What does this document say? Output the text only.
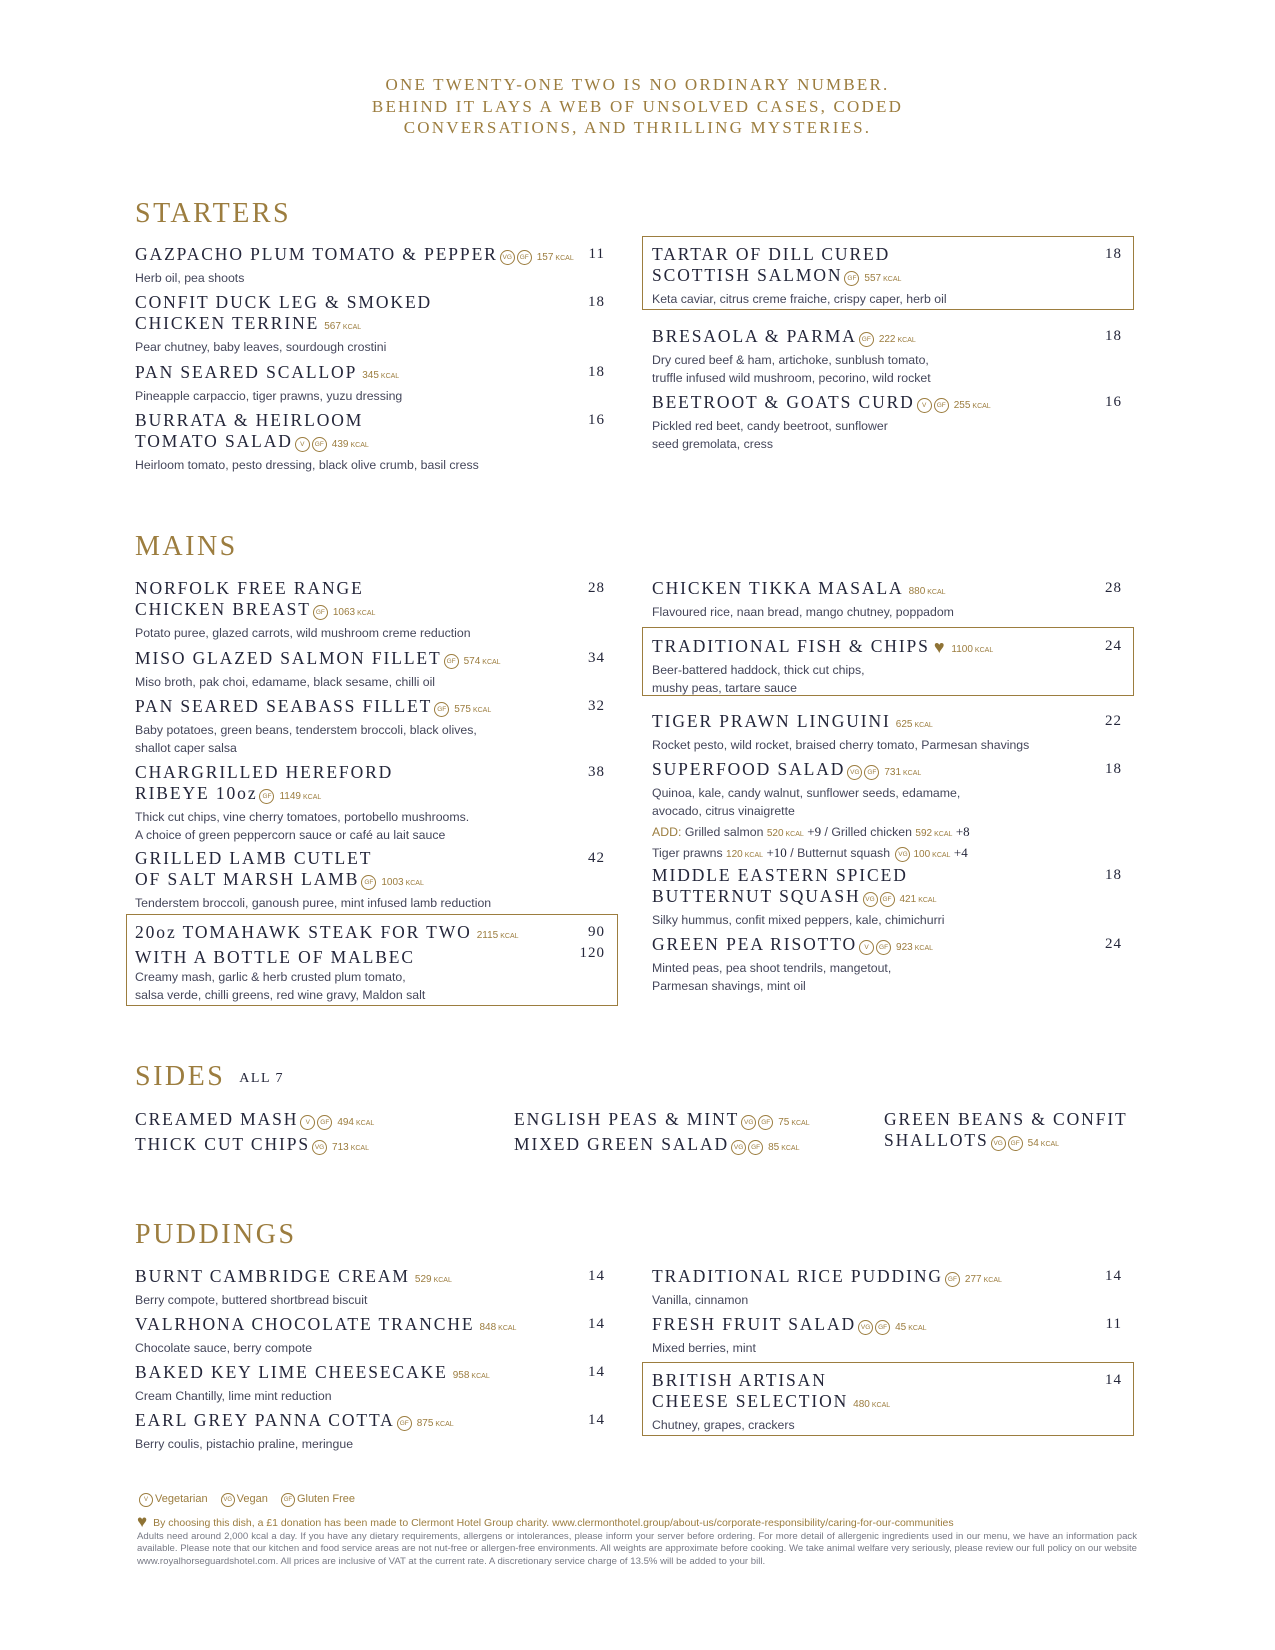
ONE TWENTY-ONE TWO IS NO ORDINARY NUMBER.
BEHIND IT LAYS A WEB OF UNSOLVED CASES, CODED
CONVERSATIONS, AND THRILLING MYSTERIES.
STARTERS
GAZPACHO PLUM TOMATO & PEPPER VG GF 157 KCAL
Herb oil, pea shoots
11
CONFIT DUCK LEG & SMOKED
CHICKEN TERRINE 567 KCAL
Pear chutney, baby leaves, sourdough crostini
18
PAN SEARED SCALLOP 345 KCAL
Pineapple carpaccio, tiger prawns, yuzu dressing
18
BURRATA & HEIRLOOM
TOMATO SALAD V GF 439 KCAL
Heirloom tomato, pesto dressing, black olive crumb, basil cress
16
TARTAR OF DILL CURED
SCOTTISH SALMON GF 557 KCAL
Keta caviar, citrus creme fraiche, crispy caper, herb oil
18
BRESAOLA & PARMA GF 222 KCAL
Dry cured beef & ham, artichoke, sunblush tomato,
truffle infused wild mushroom, pecorino, wild rocket
18
BEETROOT & GOATS CURD V GF 255 KCAL
Pickled red beet, candy beetroot, sunflower
seed gremolata, cress
16
MAINS
NORFOLK FREE RANGE
CHICKEN BREAST GF 1063 KCAL
Potato puree, glazed carrots, wild mushroom creme reduction
28
MISO GLAZED SALMON FILLET GF 574 KCAL
Miso broth, pak choi, edamame, black sesame, chilli oil
34
PAN SEARED SEABASS FILLET GF 575 KCAL
Baby potatoes, green beans, tenderstem broccoli, black olives,
shallot caper salsa
32
CHARGRILLED HEREFORD
RIBEYE 10oz GF 1149 KCAL
Thick cut chips, vine cherry tomatoes, portobello mushrooms.
A choice of green peppercorn sauce or café au lait sauce
38
GRILLED LAMB CUTLET
OF SALT MARSH LAMB GF 1003 KCAL
Tenderstem broccoli, ganoush puree, mint infused lamb reduction
42
20oz TOMAHAWK STEAK FOR TWO 2115 KCAL
WITH A BOTTLE OF MALBEC
Creamy mash, garlic & herb crusted plum tomato,
salsa verde, chilli greens, red wine gravy, Maldon salt
90
120
CHICKEN TIKKA MASALA 880 KCAL
Flavoured rice, naan bread, mango chutney, poppadom
28
TRADITIONAL FISH & CHIPS ♥ 1100 KCAL
Beer-battered haddock, thick cut chips,
mushy peas, tartare sauce
24
TIGER PRAWN LINGUINI 625 KCAL
Rocket pesto, wild rocket, braised cherry tomato, Parmesan shavings
22
SUPERFOOD SALAD VG GF 731 KCAL
Quinoa, kale, candy walnut, sunflower seeds, edamame,
avocado, citrus vinaigrette
ADD: Grilled salmon 520 KCAL +9 / Grilled chicken 592 KCAL +8
Tiger prawns 120 KCAL +10 / Butternut squash VG 100 KCAL +4
18
MIDDLE EASTERN SPICED
BUTTERNUT SQUASH VG GF 421 KCAL
Silky hummus, confit mixed peppers, kale, chimichurri
18
GREEN PEA RISOTTO V GF 923 KCAL
Minted peas, pea shoot tendrils, mangetout,
Parmesan shavings, mint oil
24
SIDES ALL 7
CREAMED MASH V GF 494 KCAL
THICK CUT CHIPS VG 713 KCAL
ENGLISH PEAS & MINT VG GF 75 KCAL
MIXED GREEN SALAD VG GF 85 KCAL
GREEN BEANS & CONFIT
SHALLOTS VG GF 54 KCAL
PUDDINGS
BURNT CAMBRIDGE CREAM 529 KCAL
Berry compote, buttered shortbread biscuit
14
VALRHONA CHOCOLATE TRANCHE 848 KCAL
Chocolate sauce, berry compote
14
BAKED KEY LIME CHEESECAKE 958 KCAL
Cream Chantilly, lime mint reduction
14
EARL GREY PANNA COTTA GF 875 KCAL
Berry coulis, pistachio praline, meringue
14
TRADITIONAL RICE PUDDING GF 277 KCAL
Vanilla, cinnamon
14
FRESH FRUIT SALAD VG GF 45 KCAL
Mixed berries, mint
11
BRITISH ARTISAN
CHEESE SELECTION 480 KCAL
Chutney, grapes, crackers
14
V Vegetarian	VG Vegan	GF Gluten Free
♥ By choosing this dish, a £1 donation has been made to Clermont Hotel Group charity. www.clermonthotel.group/about-us/corporate-responsibility/caring-for-our-communities
Adults need around 2,000 kcal a day. If you have any dietary requirements, allergens or intolerances, please inform your server before ordering. For more detail of allergenic ingredients used in our menu, we have an information pack available. Please note that our kitchen and food service areas are not nut-free or allergen-free environments. All weights are approximate before cooking. We take animal welfare very seriously, please review our full policy on our website www.royalhorseguardshotel.com. All prices are inclusive of VAT at the current rate. A discretionary service charge of 13.5% will be added to your bill.
